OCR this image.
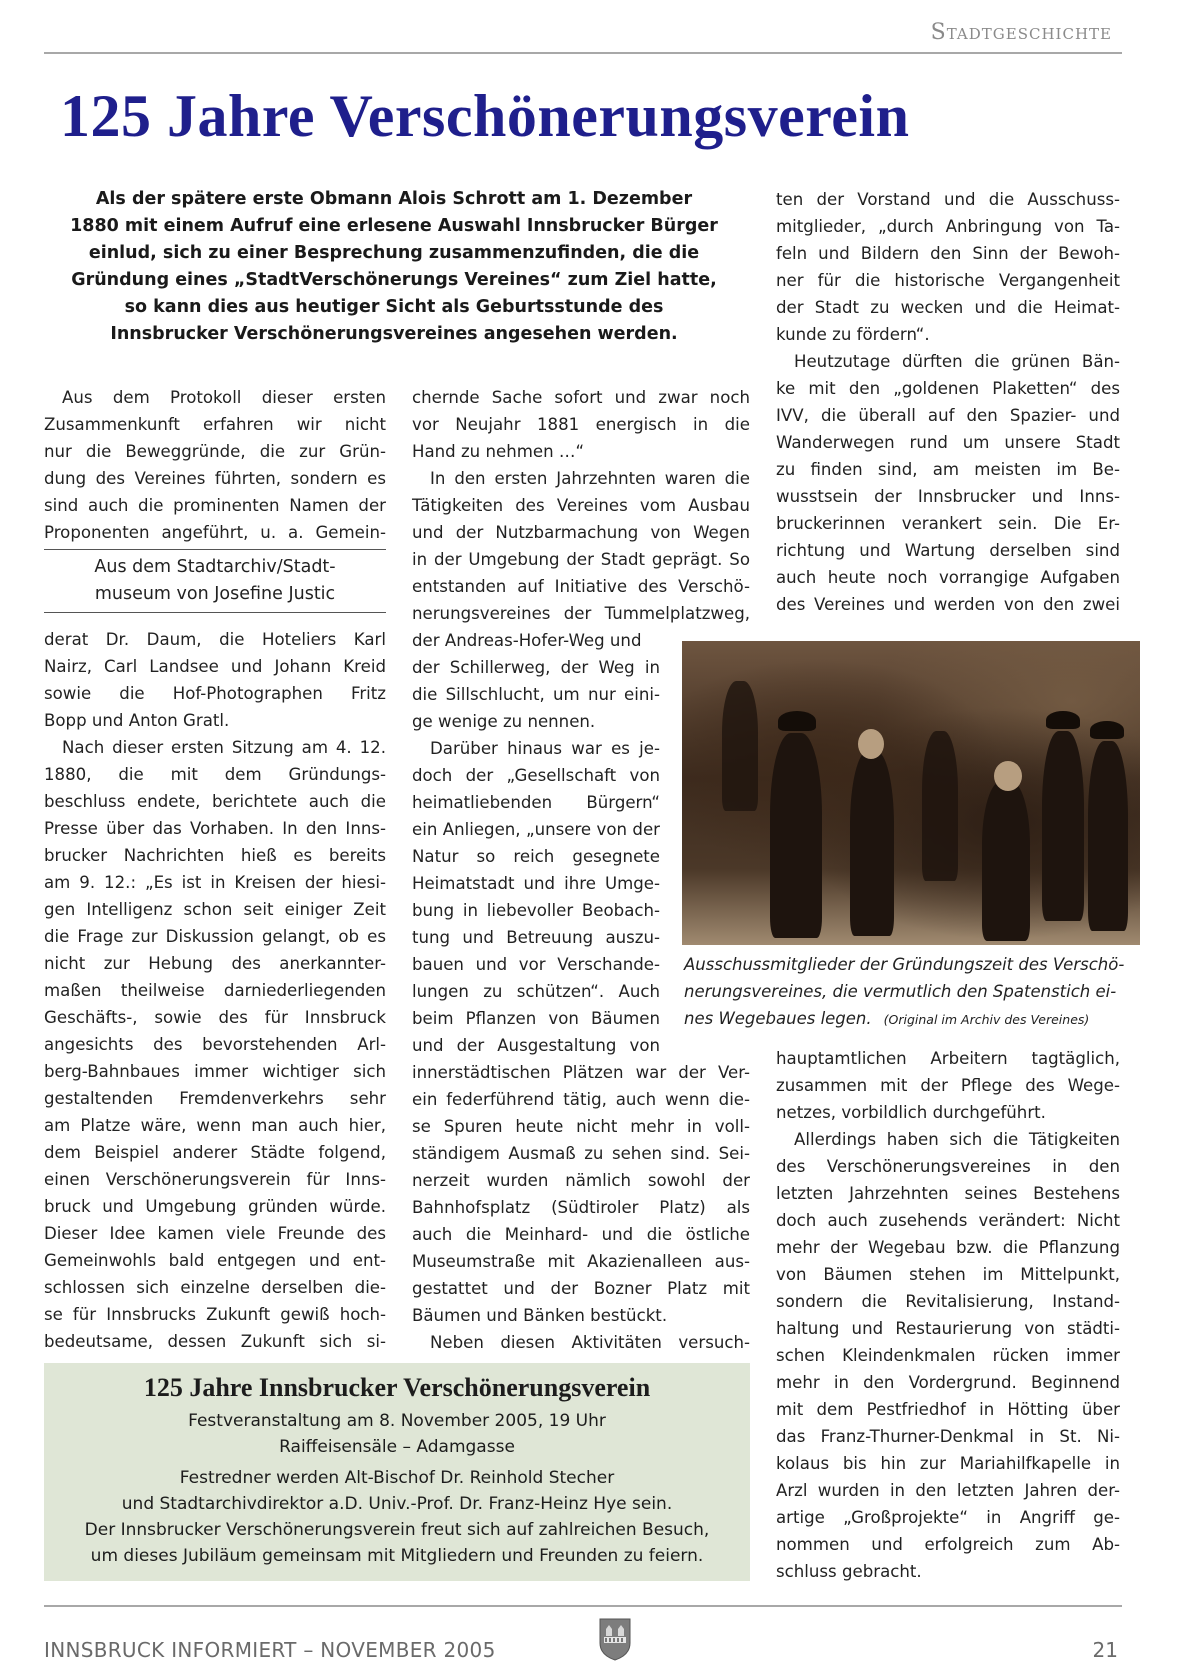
Stadtgeschichte
125 Jahre Verschönerungsverein

Als der spätere erste Obmann Alois Schrott am 1. Dezember

1880 mit einem Aufruf eine erlesene Auswahl Innsbrucker Bürger

einlud, sich zu einer Besprechung zusammenzufinden, die die

Gründung eines „StadtVerschönerungs Vereines“ zum Ziel hatte,

so kann dies aus heutiger Sicht als Geburtsstunde des

Innsbrucker Verschönerungsvereines angesehen werden.

Aus dem Protokoll dieser ersten

Zusammenkunft erfahren wir nicht

nur die Beweggründe, die zur Grün-

dung des Vereines führten, sondern es

sind auch die prominenten Namen der

Proponenten angeführt, u. a. Gemein-

Aus dem Stadtarchiv/Stadt-

museum von Josefine Justic

derat Dr. Daum, die Hoteliers Karl

Nairz, Carl Landsee und Johann Kreid

sowie die Hof-Photographen Fritz

Bopp und Anton Gratl.

Nach dieser ersten Sitzung am 4. 12.

1880, die mit dem Gründungs-

beschluss endete, berichtete auch die

Presse über das Vorhaben. In den Inns-

brucker Nachrichten hieß es bereits

am 9. 12.: „Es ist in Kreisen der hiesi-

gen Intelligenz schon seit einiger Zeit

die Frage zur Diskussion gelangt, ob es

nicht zur Hebung des anerkannter-

maßen theilweise darniederliegenden

Geschäfts-, sowie des für Innsbruck

angesichts des bevorstehenden Arl-

berg-Bahnbaues immer wichtiger sich

gestaltenden Fremdenverkehrs sehr

am Platze wäre, wenn man auch hier,

dem Beispiel anderer Städte folgend,

einen Verschönerungsverein für Inns-

bruck und Umgebung gründen würde.

Dieser Idee kamen viele Freunde des

Gemeinwohls bald entgegen und ent-

schlossen sich einzelne derselben die-

se für Innsbrucks Zukunft gewiß hoch-

bedeutsame, dessen Zukunft sich si-

chernde Sache sofort und zwar noch

vor Neujahr 1881 energisch in die

Hand zu nehmen …“

In den ersten Jahrzehnten waren die

Tätigkeiten des Vereines vom Ausbau

und der Nutzbarmachung von Wegen

in der Umgebung der Stadt geprägt. So

entstanden auf Initiative des Verschö-

nerungsvereines der Tummelplatzweg,

der Andreas-Hofer-Weg und

der Schillerweg, der Weg in

die Sillschlucht, um nur eini-

ge wenige zu nennen.

Darüber hinaus war es je-

doch der „Gesellschaft von

heimatliebenden Bürgern“

ein Anliegen, „unsere von der

Natur so reich gesegnete

Heimatstadt und ihre Umge-

bung in liebevoller Beobach-

tung und Betreuung auszu-

bauen und vor Verschande-

lungen zu schützen“. Auch

beim Pflanzen von Bäumen

und der Ausgestaltung von

innerstädtischen Plätzen war der Ver-

ein federführend tätig, auch wenn die-

se Spuren heute nicht mehr in voll-

ständigem Ausmaß zu sehen sind. Sei-

nerzeit wurden nämlich sowohl der

Bahnhofsplatz (Südtiroler Platz) als

auch die Meinhard- und die östliche

Museumstraße mit Akazienalleen aus-

gestattet und der Bozner Platz mit

Bäumen und Bänken bestückt.

Neben diesen Aktivitäten versuch-

ten der Vorstand und die Ausschuss-

mitglieder, „durch Anbringung von Ta-

feln und Bildern den Sinn der Bewoh-

ner für die historische Vergangenheit

der Stadt zu wecken und die Heimat-

kunde zu fördern“.

Heutzutage dürften die grünen Bän-

ke mit den „goldenen Plaketten“ des

IVV, die überall auf den Spazier- und

Wanderwegen rund um unsere Stadt

zu finden sind, am meisten im Be-

wusstsein der Innsbrucker und Inns-

bruckerinnen verankert sein. Die Er-

richtung und Wartung derselben sind

auch heute noch vorrangige Aufgaben

des Vereines und werden von den zwei

Ausschussmitglieder der Gründungszeit des Verschö-

nerungsvereines, die vermutlich den Spatenstich ei-

nes Wegebaues legen. (Original im Archiv des Vereines)

hauptamtlichen Arbeitern tagtäglich,

zusammen mit der Pflege des Wege-

netzes, vorbildlich durchgeführt.

Allerdings haben sich die Tätigkeiten

des Verschönerungsvereines in den

letzten Jahrzehnten seines Bestehens

doch auch zusehends verändert: Nicht

mehr der Wegebau bzw. die Pflanzung

von Bäumen stehen im Mittelpunkt,

sondern die Revitalisierung, Instand-

haltung und Restaurierung von städti-

schen Kleindenkmalen rücken immer

mehr in den Vordergrund. Beginnend

mit dem Pestfriedhof in Hötting über

das Franz-Thurner-Denkmal in St. Ni-

kolaus bis hin zur Mariahilfkapelle in

Arzl wurden in den letzten Jahren der-

artige „Großprojekte“ in Angriff ge-

nommen und erfolgreich zum Ab-

schluss gebracht.

125 Jahre Innsbrucker Verschönerungsverein

Festveranstaltung am 8. November 2005, 19 Uhr

Raiffeisensäle – Adamgasse

Festredner werden Alt-Bischof Dr. Reinhold Stecher

und Stadtarchivdirektor a.D. Univ.-Prof. Dr. Franz-Heinz Hye sein.

Der Innsbrucker Verschönerungsverein freut sich auf zahlreichen Besuch,

um dieses Jubiläum gemeinsam mit Mitgliedern und Freunden zu feiern.

INNSBRUCK INFORMIERT – NOVEMBER 2005	21
